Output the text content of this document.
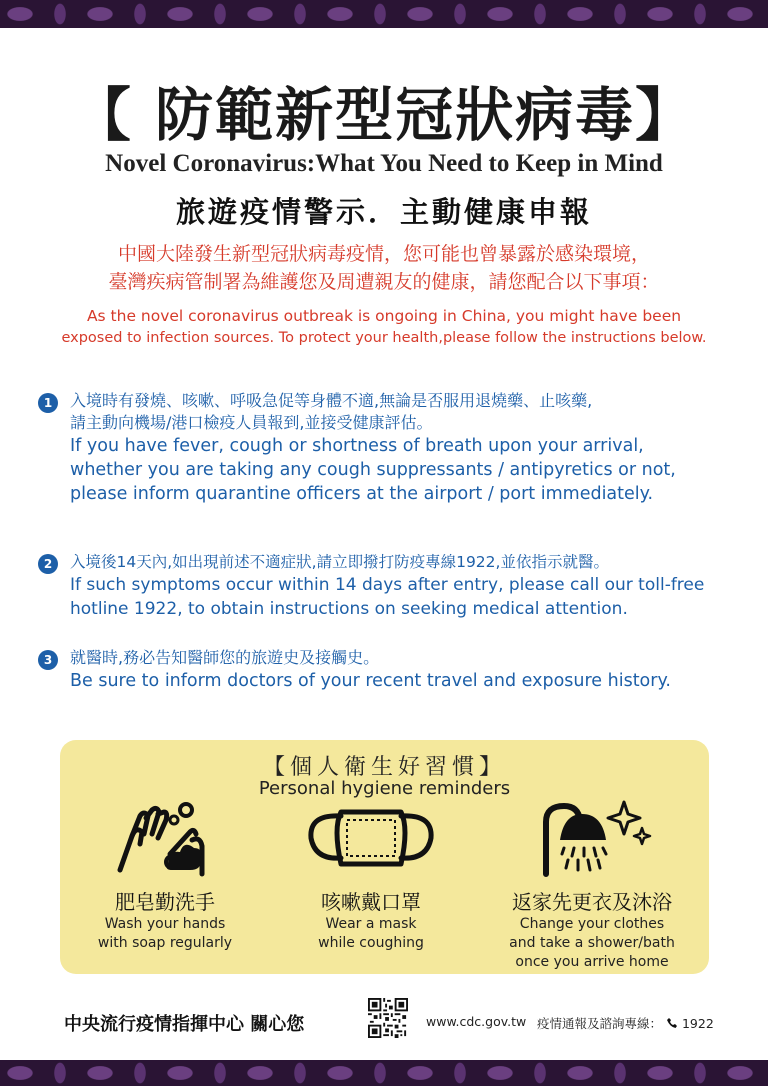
【 防範新型冠狀病毒】
Novel Coronavirus:What You Need to Keep in Mind
旅遊疫情警示．主動健康申報
中國大陸發生新型冠狀病毒疫情，您可能也曾暴露於感染環境，
臺灣疾病管制署為維護您及周遭親友的健康，請您配合以下事項：
As the novel coronavirus outbreak is ongoing in China, you might have been
exposed to infection sources. To protect your health,please follow the instructions below.
1	入境時有發燒、咳嗽、呼吸急促等身體不適,無論是否服用退燒藥、止咳藥,
請主動向機場/港口檢疫人員報到,並接受健康評估。
If you have fever, cough or shortness of breath upon your arrival,
whether you are taking any cough suppressants / antipyretics or not,
please inform quarantine officers at the airport / port immediately.
2	入境後14天內,如出現前述不適症狀,請立即撥打防疫專線1922,並依指示就醫。
If such symptoms occur within 14 days after entry, please call our toll-free
hotline 1922, to obtain instructions on seeking medical attention.
3	就醫時,務必告知醫師您的旅遊史及接觸史。
Be sure to inform doctors of your recent travel and exposure history.
【個人衛生好習慣】
Personal hygiene reminders
肥皂勤洗手
Wash your hands
with soap regularly
咳嗽戴口罩
Wear a mask
while coughing
返家先更衣及沐浴
Change your clothes
and take a shower/bath
once you arrive home
中央流行疫情指揮中心 關心您	www.cdc.gov.tw 疫情通報及諮詢專線： 1922
